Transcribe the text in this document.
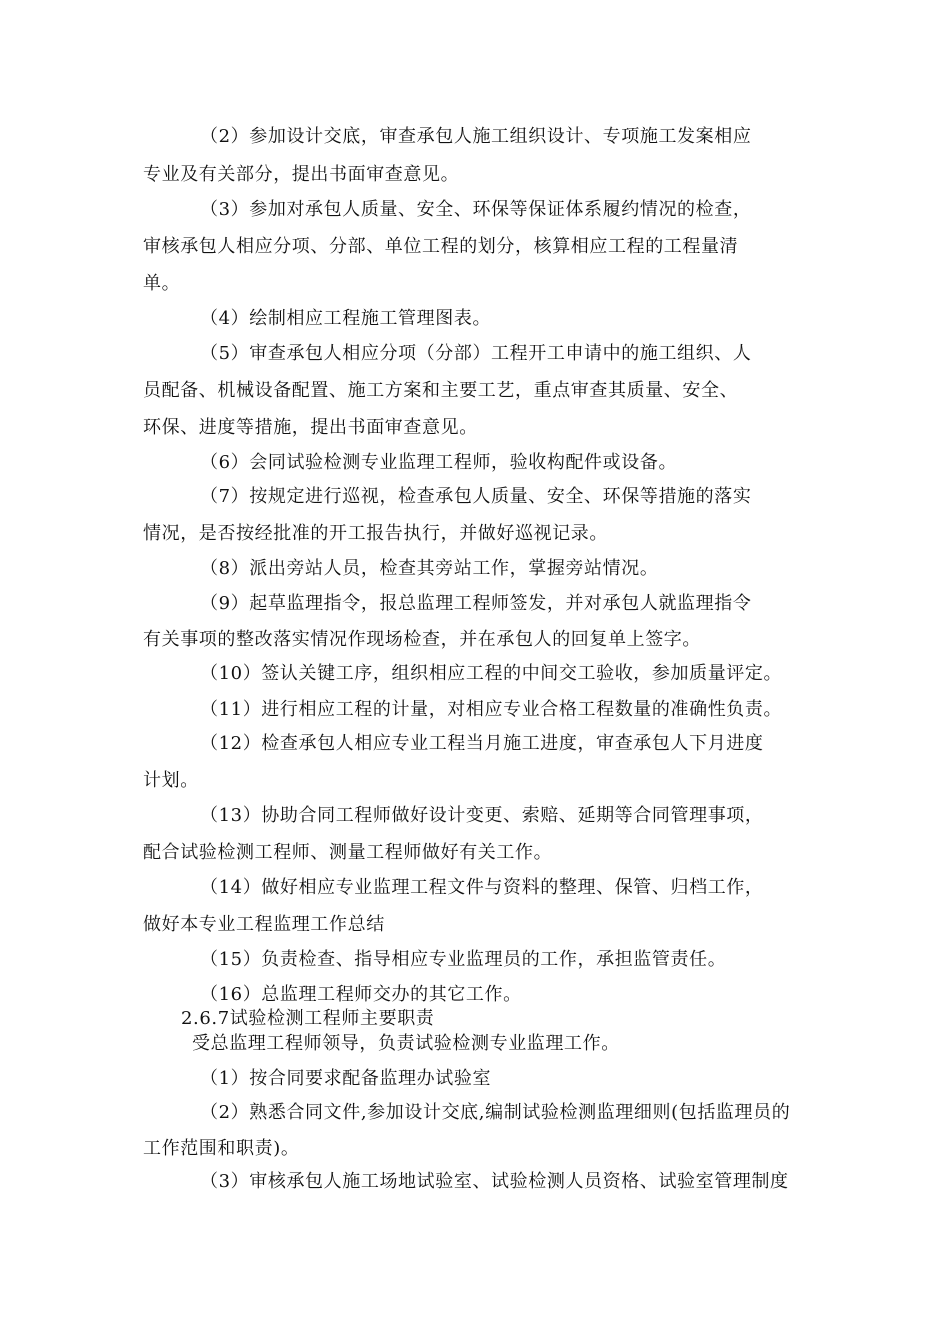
（2）参加设计交底，审查承包人施工组织设计、专项施工发案相应
专业及有关部分，提出书面审查意见。
（3）参加对承包人质量、安全、环保等保证体系履约情况的检查，
审核承包人相应分项、分部、单位工程的划分，核算相应工程的工程量清
单。
（4）绘制相应工程施工管理图表。
（5）审查承包人相应分项（分部）工程开工申请中的施工组织、人
员配备、机械设备配置、施工方案和主要工艺，重点审查其质量、安全、
环保、进度等措施，提出书面审查意见。
（6）会同试验检测专业监理工程师，验收构配件或设备。
（7）按规定进行巡视，检查承包人质量、安全、环保等措施的落实
情况，是否按经批准的开工报告执行，并做好巡视记录。
（8）派出旁站人员，检查其旁站工作，掌握旁站情况。
（9）起草监理指令，报总监理工程师签发，并对承包人就监理指令
有关事项的整改落实情况作现场检查，并在承包人的回复单上签字。
（10）签认关键工序，组织相应工程的中间交工验收，参加质量评定。
（11）进行相应工程的计量，对相应专业合格工程数量的准确性负责。
（12）检查承包人相应专业工程当月施工进度，审查承包人下月进度
计划。
（13）协助合同工程师做好设计变更、索赔、延期等合同管理事项，
配合试验检测工程师、测量工程师做好有关工作。
（14）做好相应专业监理工程文件与资料的整理、保管、归档工作，
做好本专业工程监理工作总结
（15）负责检查、指导相应专业监理员的工作，承担监管责任。
（16）总监理工程师交办的其它工作。
2.6.7试验检测工程师主要职责
受总监理工程师领导，负责试验检测专业监理工作。
（1）按合同要求配备监理办试验室
（2）熟悉合同文件,参加设计交底,编制试验检测监理细则(包括监理员的
工作范围和职责)。
（3）审核承包人施工场地试验室、试验检测人员资格、试验室管理制度
